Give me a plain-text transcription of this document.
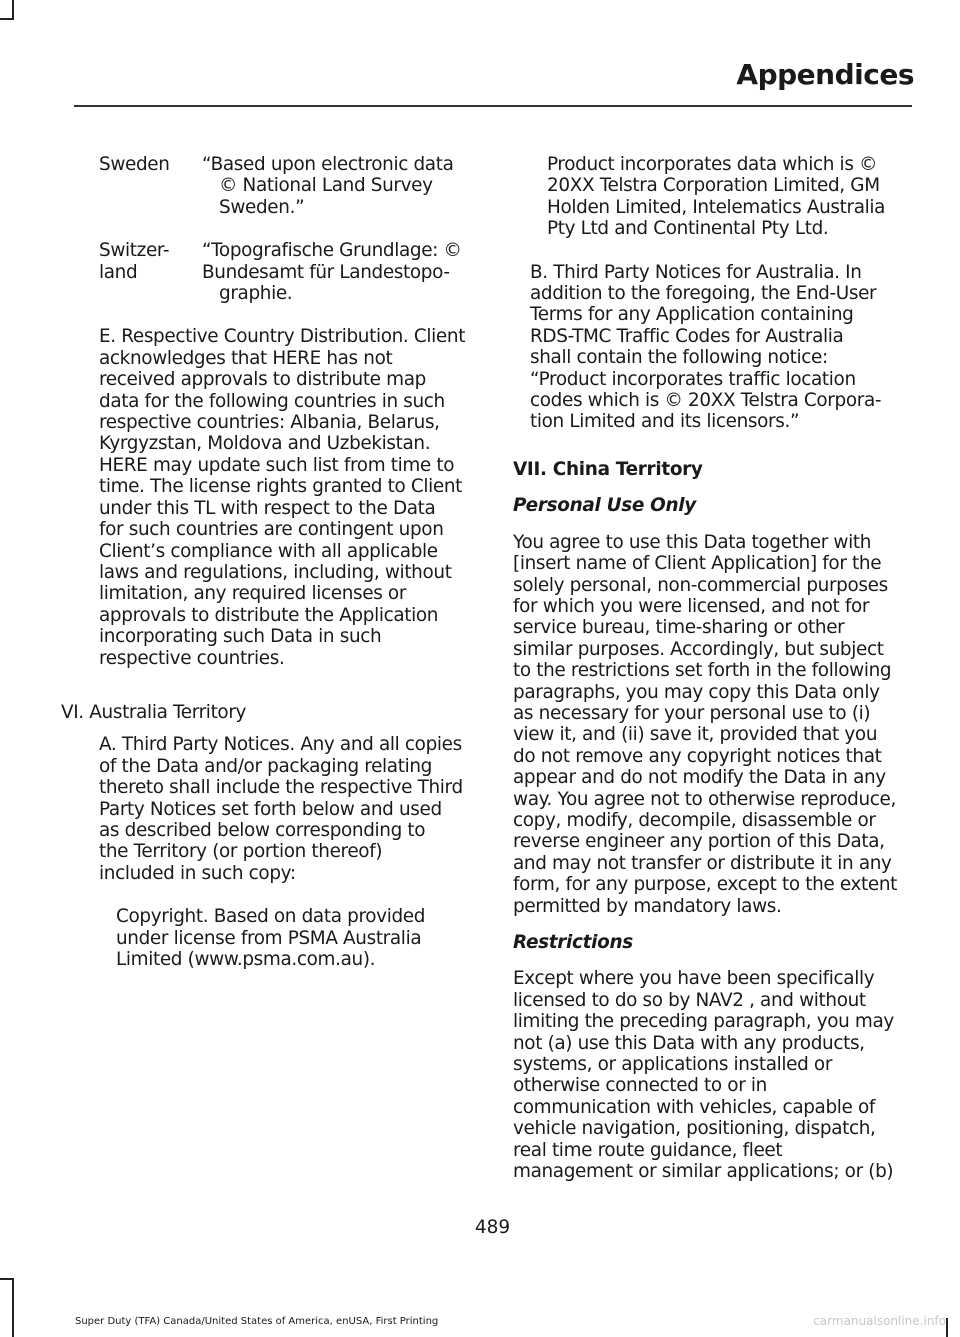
Appendices

Sweden	“Based upon electronic data

© National Land Survey

Sweden.”

Switzer-

land

“Topografische Grundlage: ©

Bundesamt für Landestopo-

graphie.

E. Respective Country Distribution. Client

acknowledges that HERE has not

received approvals to distribute map

data for the following countries in such

respective countries: Albania, Belarus,

Kyrgyzstan, Moldova and Uzbekistan.

HERE may update such list from time to

time. The license rights granted to Client

under this TL with respect to the Data

for such countries are contingent upon

Client’s compliance with all applicable

laws and regulations, including, without

limitation, any required licenses or

approvals to distribute the Application

incorporating such Data in such

respective countries.

VI. Australia Territory

A. Third Party Notices. Any and all copies

of the Data and/or packaging relating

thereto shall include the respective Third

Party Notices set forth below and used

as described below corresponding to

the Territory (or portion thereof)

included in such copy:

Copyright. Based on data provided

under license from PSMA Australia

Limited (www.psma.com.au).

Product incorporates data which is ©

20XX Telstra Corporation Limited, GM

Holden Limited, Intelematics Australia

Pty Ltd and Continental Pty Ltd.

B. Third Party Notices for Australia. In

addition to the foregoing, the End-User

Terms for any Application containing

RDS-TMC Traffic Codes for Australia

shall contain the following notice:

“Product incorporates traffic location

codes which is © 20XX Telstra Corpora-

tion Limited and its licensors.”

VII. China Territory
Personal Use Only

You agree to use this Data together with

[insert name of Client Application] for the

solely personal, non-commercial purposes

for which you were licensed, and not for

service bureau, time-sharing or other

similar purposes. Accordingly, but subject

to the restrictions set forth in the following

paragraphs, you may copy this Data only

as necessary for your personal use to (i)

view it, and (ii) save it, provided that you

do not remove any copyright notices that

appear and do not modify the Data in any

way. You agree not to otherwise reproduce,

copy, modify, decompile, disassemble or

reverse engineer any portion of this Data,

and may not transfer or distribute it in any

form, for any purpose, except to the extent

permitted by mandatory laws.

Restrictions

Except where you have been specifically

licensed to do so by NAV2 , and without

limiting the preceding paragraph, you may

not (a) use this Data with any products,

systems, or applications installed or

otherwise connected to or in

communication with vehicles, capable of

vehicle navigation, positioning, dispatch,

real time route guidance, fleet

management or similar applications; or (b)

489

Super Duty (TFA) Canada/United States of America, enUSA, First Printing	carmanualsonline.info
